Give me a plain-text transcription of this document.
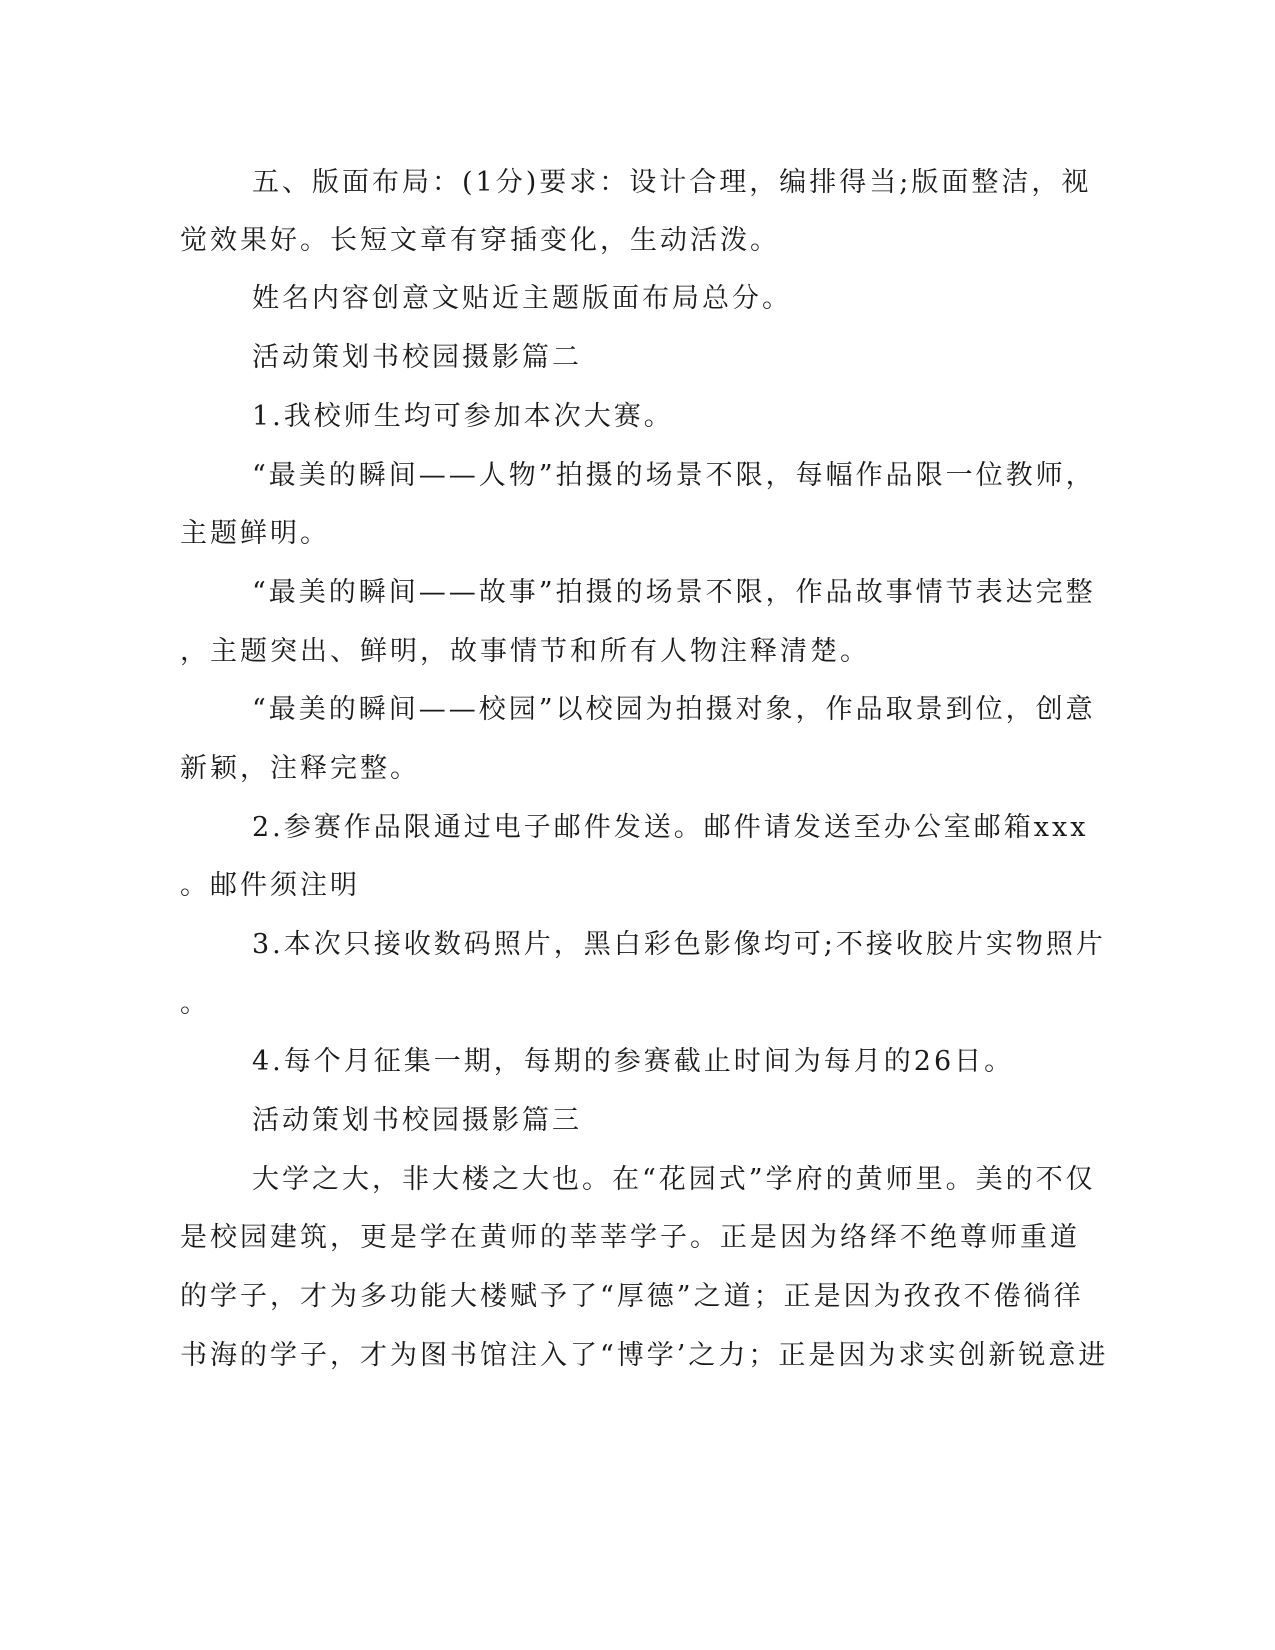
五、版面布局：(1分)要求：设计合理，编排得当;版面整洁，视

觉效果好。长短文章有穿插变化，生动活泼。

姓名内容创意文贴近主题版面布局总分。

活动策划书校园摄影篇二

1.我校师生均可参加本次大赛。

“最美的瞬间——人物”拍摄的场景不限，每幅作品限一位教师，

主题鲜明。

“最美的瞬间——故事”拍摄的场景不限，作品故事情节表达完整

，主题突出、鲜明，故事情节和所有人物注释清楚。

“最美的瞬间——校园”以校园为拍摄对象，作品取景到位，创意

新颖，注释完整。

2.参赛作品限通过电子邮件发送。邮件请发送至办公室邮箱xxx

。邮件须注明

3.本次只接收数码照片，黑白彩色影像均可;不接收胶片实物照片

。

4.每个月征集一期，每期的参赛截止时间为每月的26日。

活动策划书校园摄影篇三

大学之大，非大楼之大也。在“花园式”学府的黄师里。美的不仅

是校园建筑，更是学在黄师的莘莘学子。正是因为络绎不绝尊师重道

的学子，才为多功能大楼赋予了“厚德”之道；正是因为孜孜不倦徜徉

书海的学子，才为图书馆注入了“博学’之力；正是因为求实创新锐意进
